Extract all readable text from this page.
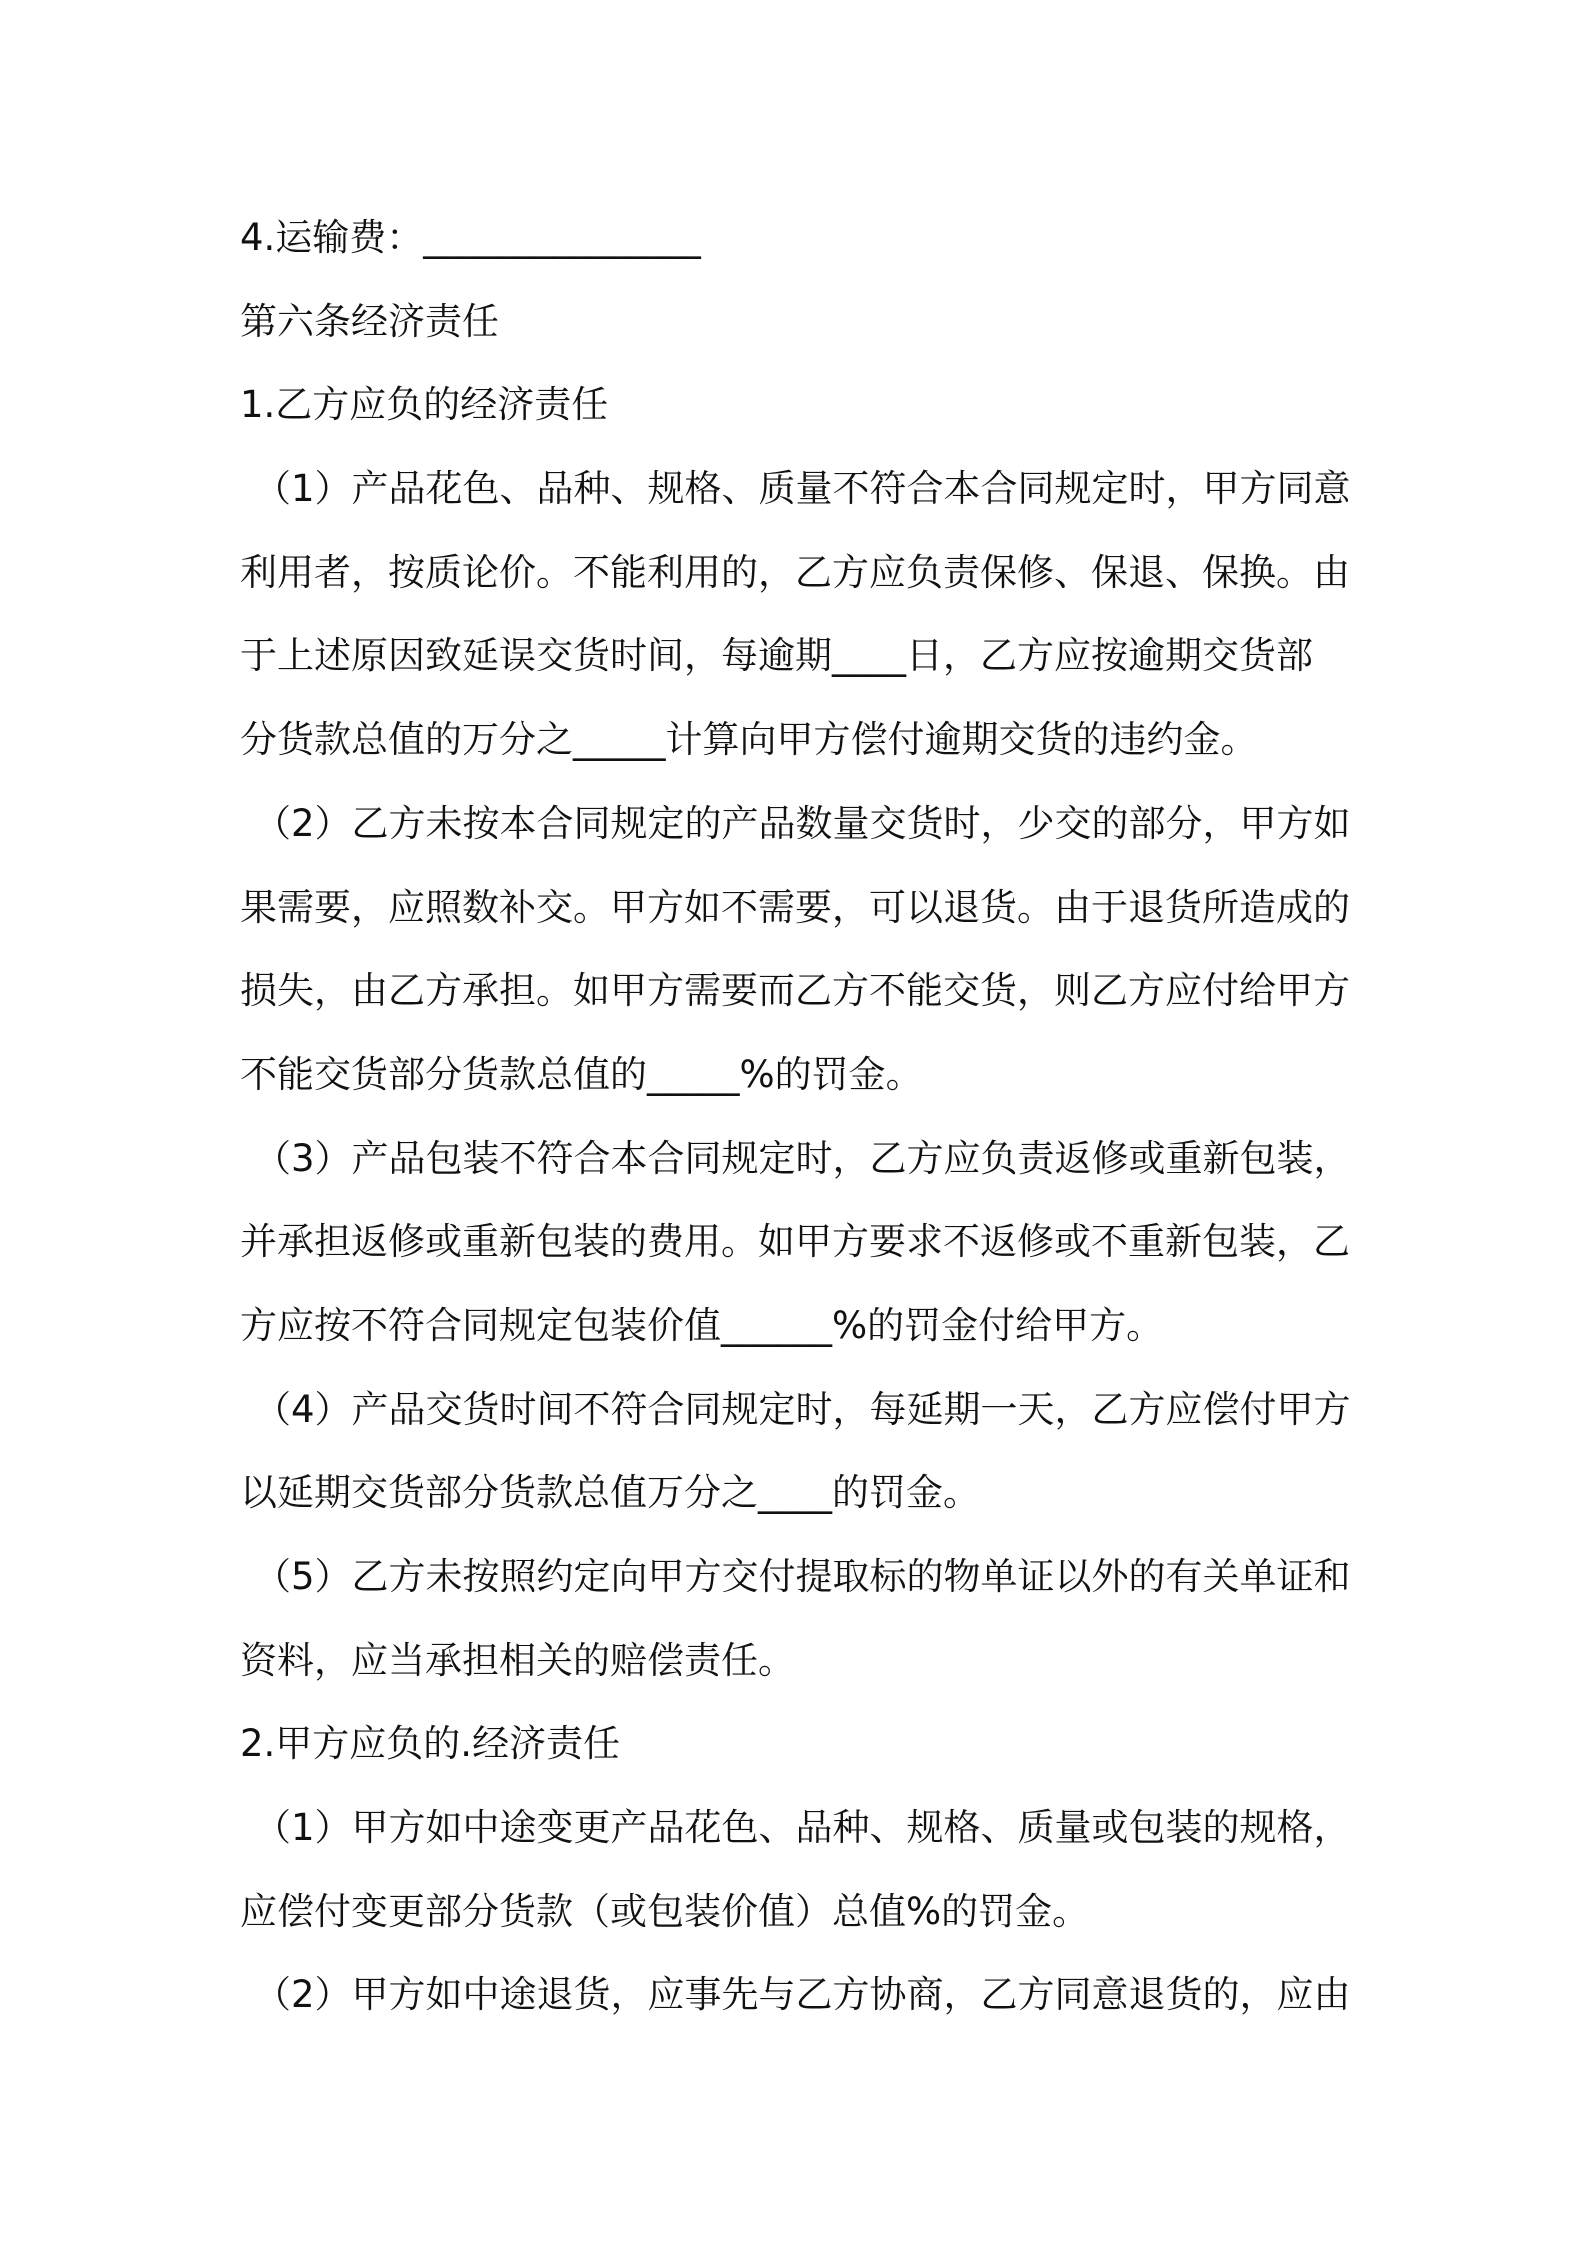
4.运输费：_______________
第六条经济责任
1.乙方应负的经济责任
（1）产品花色、品种、规格、质量不符合本合同规定时，甲方同意
利用者，按质论价。不能利用的，乙方应负责保修、保退、保换。由
于上述原因致延误交货时间，每逾期____日，乙方应按逾期交货部
分货款总值的万分之_____计算向甲方偿付逾期交货的违约金。
（2）乙方未按本合同规定的产品数量交货时，少交的部分，甲方如
果需要，应照数补交。甲方如不需要，可以退货。由于退货所造成的
损失，由乙方承担。如甲方需要而乙方不能交货，则乙方应付给甲方
不能交货部分货款总值的_____%的罚金。
（3）产品包装不符合本合同规定时，乙方应负责返修或重新包装，
并承担返修或重新包装的费用。如甲方要求不返修或不重新包装，乙
方应按不符合同规定包装价值______%的罚金付给甲方。
（4）产品交货时间不符合同规定时，每延期一天，乙方应偿付甲方
以延期交货部分货款总值万分之____的罚金。
（5）乙方未按照约定向甲方交付提取标的物单证以外的有关单证和
资料，应当承担相关的赔偿责任。
2.甲方应负的.经济责任
（1）甲方如中途变更产品花色、品种、规格、质量或包装的规格，
应偿付变更部分货款（或包装价值）总值%的罚金。
（2）甲方如中途退货，应事先与乙方协商，乙方同意退货的，应由
